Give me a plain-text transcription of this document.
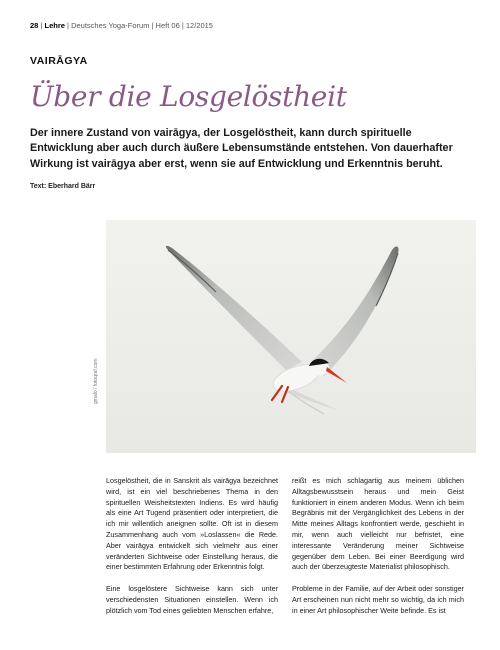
28 | Lehre | Deutsches Yoga-Forum | Heft 06 | 12/2015
VAIRĀGYA
Über die Losgelöstheit
Der innere Zustand von vairāgya, der Losgelöstheit, kann durch spirituelle Entwicklung aber auch durch äußere Lebensumstände entstehen. Von dauerhafter Wirkung ist vairāgya aber erst, wenn sie auf Entwicklung und Erkenntnis beruht.
Text: Eberhard Bärr
gmalo / fotoqraf.com

Losgelöstheit, die in Sanskrit als vairāgya bezeichnet wird, ist ein viel beschriebenes Thema in den spirituellen Weisheitstexten Indiens. Es wird häufig als eine Art Tugend präsentiert oder interpretiert, die ich mir willentlich aneignen sollte. Oft ist in diesem Zusammenhang auch vom »Loslassen« die Rede. Aber vairāgya entwickelt sich vielmehr aus einer veränderten Sichtweise oder Einstellung heraus, die einer bestimmten Erfahrung oder Erkenntnis folgt.

Eine losgelöstere Sichtweise kann sich unter verschiedensten Situationen einstellen. Wenn ich plötzlich vom Tod eines geliebten Menschen erfahre,

reißt es mich schlagartig aus meinem üblichen Alltagsbewusstsein heraus und mein Geist funktioniert in einem anderen Modus. Wenn ich beim Begräbnis mit der Vergänglichkeit des Lebens in der Mitte meines Alltags konfrontiert werde, geschieht in mir, wenn auch vielleicht nur befristet, eine interessante Veränderung meiner Sichtweise gegenüber dem Leben. Bei einer Beerdigung wird auch der überzeugteste Materialist philosophisch.

Probleme in der Familie, auf der Arbeit oder sonstiger Art erscheinen nun nicht mehr so wichtig, da ich mich in einer Art philosophischer Weite befinde. Es ist
